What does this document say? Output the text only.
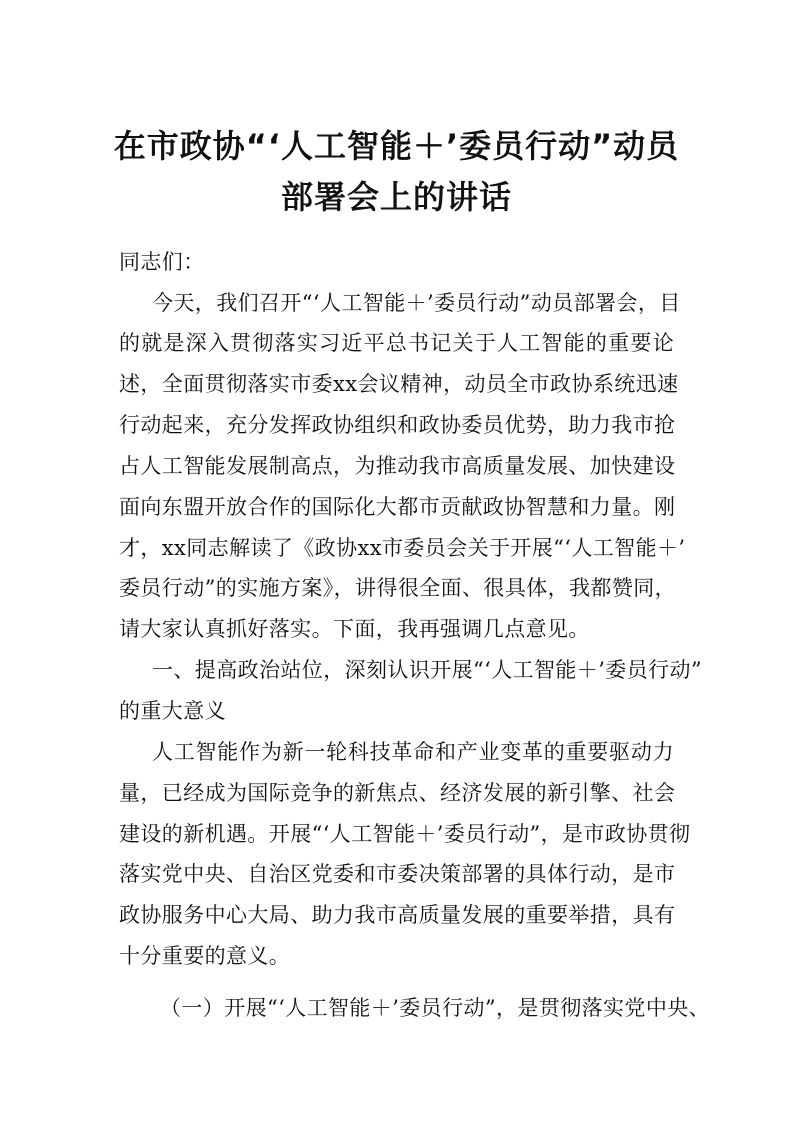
在市政协“‘人工智能＋’委员行动”动员
部署会上的讲话
同志们：
今天，我们召开“‘人工智能＋’委员行动”动员部署会，目
的就是深入贯彻落实习近平总书记关于人工智能的重要论
述，全面贯彻落实市委xx会议精神，动员全市政协系统迅速
行动起来，充分发挥政协组织和政协委员优势，助力我市抢
占人工智能发展制高点，为推动我市高质量发展、加快建设
面向东盟开放合作的国际化大都市贡献政协智慧和力量。刚
才，xx同志解读了《政协xx市委员会关于开展“‘人工智能＋’
委员行动”的实施方案》，讲得很全面、很具体，我都赞同，
请大家认真抓好落实。下面，我再强调几点意见。
一、提高政治站位，深刻认识开展“‘人工智能＋’委员行动”
的重大意义
人工智能作为新一轮科技革命和产业变革的重要驱动力
量，已经成为国际竞争的新焦点、经济发展的新引擎、社会
建设的新机遇。开展“‘人工智能＋’委员行动”，是市政协贯彻
落实党中央、自治区党委和市委决策部署的具体行动，是市
政协服务中心大局、助力我市高质量发展的重要举措，具有
十分重要的意义。
（一）开展“‘人工智能＋’委员行动”，是贯彻落实党中央、
